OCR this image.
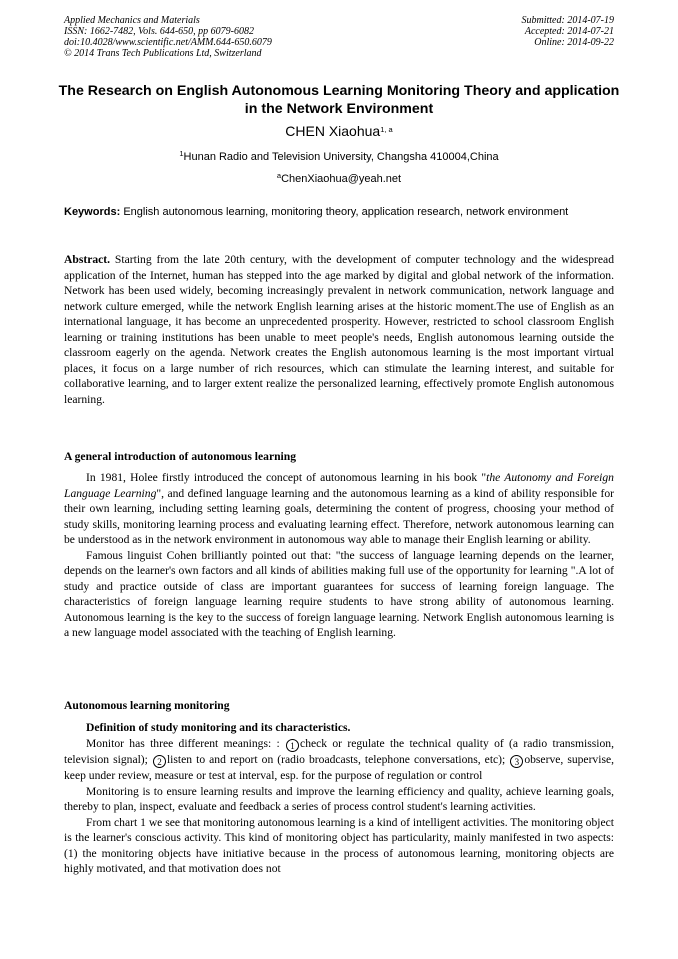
Applied Mechanics and Materials
ISSN: 1662-7482, Vols. 644-650, pp 6079-6082
doi:10.4028/www.scientific.net/AMM.644-650.6079
© 2014 Trans Tech Publications Ltd, Switzerland
Submitted: 2014-07-19
Accepted: 2014-07-21
Online: 2014-09-22
The Research on English Autonomous Learning Monitoring Theory and application in the Network Environment
CHEN Xiaohua$^{1, a}$
$^1$Hunan Radio and Television University, Changsha 410004,China
$^a$ChenXiaohua@yeah.net
Keywords: English autonomous learning, monitoring theory, application research, network environment

Abstract. Starting from the late 20th century, with the development of computer technology and the widespread application of the Internet, human has stepped into the age marked by digital and global network of the information. Network has been used widely, becoming increasingly prevalent in network communication, network language and network culture emerged, while the network English learning arises at the historic moment.The use of English as an international language, it has become an unprecedented prosperity. However, restricted to school classroom English learning or training institutions has been unable to meet people's needs, English autonomous learning outside the classroom eagerly on the agenda. Network creates the English autonomous learning is the most important virtual places, it focus on a large number of rich resources, which can stimulate the learning interest, and suitable for collaborative learning, and to larger extent realize the personalized learning, effectively promote English autonomous learning.

A general introduction of autonomous learning

In 1981, Holee firstly introduced the concept of autonomous learning in his book "the Autonomy and Foreign Language Learning", and defined language learning and the autonomous learning as a kind of ability responsible for their own learning, including setting learning goals, determining the content of progress, choosing your method of study skills, monitoring learning process and evaluating learning effect. Therefore, network autonomous learning can be understood as in the network environment in autonomous way able to manage their English learning or ability.

Famous linguist Cohen brilliantly pointed out that: "the success of language learning depends on the learner, depends on the learner's own factors and all kinds of abilities making full use of the opportunity for learning ".A lot of study and practice outside of class are important guarantees for success of learning foreign language. The characteristics of foreign language learning require students to have strong ability of autonomous learning. Autonomous learning is the key to the success of foreign language learning. Network English autonomous learning is a new language model associated with the teaching of English learning.

Autonomous learning monitoring
Definition of study monitoring and its characteristics.

Monitor has three different meanings: : 1 check or regulate the technical quality of (a radio transmission, television signal); 2 listen to and report on (radio broadcasts, telephone conversations, etc); 3 observe, supervise, keep under review, measure or test at interval, esp. for the purpose of regulation or control

Monitoring is to ensure learning results and improve the learning efficiency and quality, achieve learning goals, thereby to plan, inspect, evaluate and feedback a series of process control student's learning activities.

From chart 1 we see that monitoring autonomous learning is a kind of intelligent activities. The monitoring object is the learner's conscious activity. This kind of monitoring object has particularity, mainly manifested in two aspects: (1) the monitoring objects have initiative because in the process of autonomous learning, monitoring objects are highly motivated, and that motivation does not
